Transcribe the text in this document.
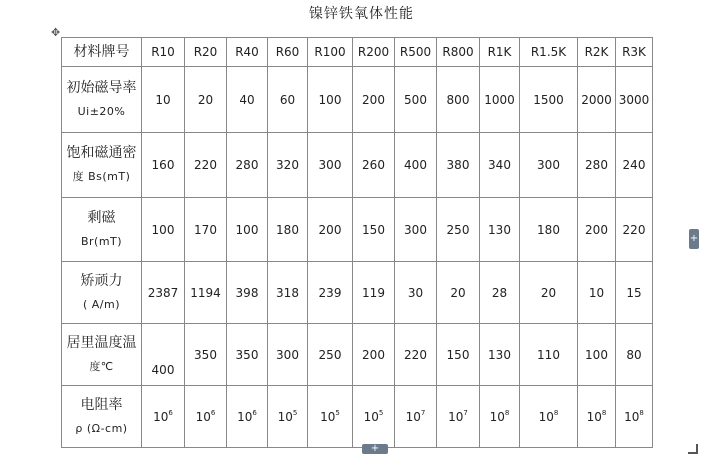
镍锌铁氧体性能
✥
材料牌号	R10	R20	R40	R60	R100	R200	R500	R800	R1K	R1.5K	R2K	R3K

初始磁导率
Ui±20%	10	20	40	60	100	200	500	800	1000	1500	2000	3000

饱和磁通密
度 Bs(mT)	160	220	280	320	300	260	400	380	340	300	280	240

剩磁
Br(mT)	100	170	100	180	200	150	300	250	130	180	200	220

矫顽力
( A/m)	2387	1194	398	318	239	119	30	20	28	20	10	15

居里温度温
度℃	400	350	350	300	250	200	220	150	130	110	100	80

电阻率
ρ (Ω-cm)	$10^6$	$10^6$	$10^6$	$10^5$	$10^5$	$10^5$	$10^7$	$10^7$	$10^8$	$10^8$	$10^8$	$10^8$
+
+
